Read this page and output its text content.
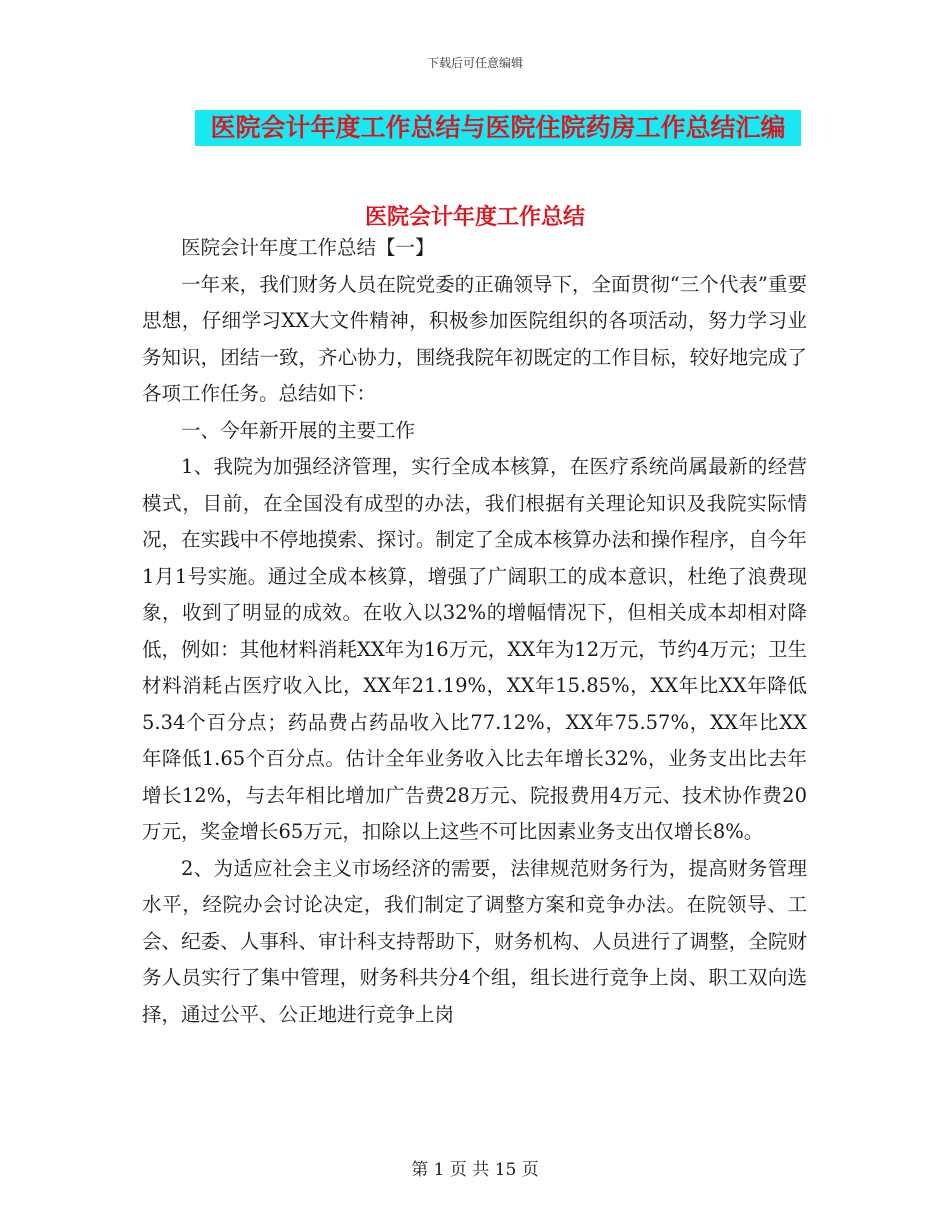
下载后可任意编辑
医院会计年度工作总结与医院住院药房工作总结汇编
医院会计年度工作总结

医院会计年度工作总结【一】

一年来，我们财务人员在院党委的正确领导下，全面贯彻“三个代表”重要思想，仔细学习XX大文件精神，积极参加医院组织的各项活动，努力学习业务知识，团结一致，齐心协力，围绕我院年初既定的工作目标，较好地完成了各项工作任务。总结如下：

一、今年新开展的主要工作

1、我院为加强经济管理，实行全成本核算，在医疗系统尚属最新的经营模式，目前，在全国没有成型的办法，我们根据有关理论知识及我院实际情况，在实践中不停地摸索、探讨。制定了全成本核算办法和操作程序，自今年1月1号实施。通过全成本核算，增强了广阔职工的成本意识，杜绝了浪费现象，收到了明显的成效。在收入以32%的增幅情况下，但相关成本却相对降低，例如：其他材料消耗XX年为16万元，XX年为12万元，节约4万元；卫生材料消耗占医疗收入比，XX年21.19%，XX年15.85%，XX年比XX年降低5.34个百分点；药品费占药品收入比77.12%，XX年75.57%，XX年比XX年降低1.65个百分点。估计全年业务收入比去年增长32%，业务支出比去年增长12%，与去年相比增加广告费28万元、院报费用4万元、技术协作费20万元，奖金增长65万元，扣除以上这些不可比因素业务支出仅增长8%。

2、为适应社会主义市场经济的需要，法律规范财务行为，提高财务管理水平，经院办会讨论决定，我们制定了调整方案和竞争办法。在院领导、工会、纪委、人事科、审计科支持帮助下，财务机构、人员进行了调整，全院财务人员实行了集中管理，财务科共分4个组，组长进行竞争上岗、职工双向选择，通过公平、公正地进行竞争上岗

第 1 页 共 15 页
